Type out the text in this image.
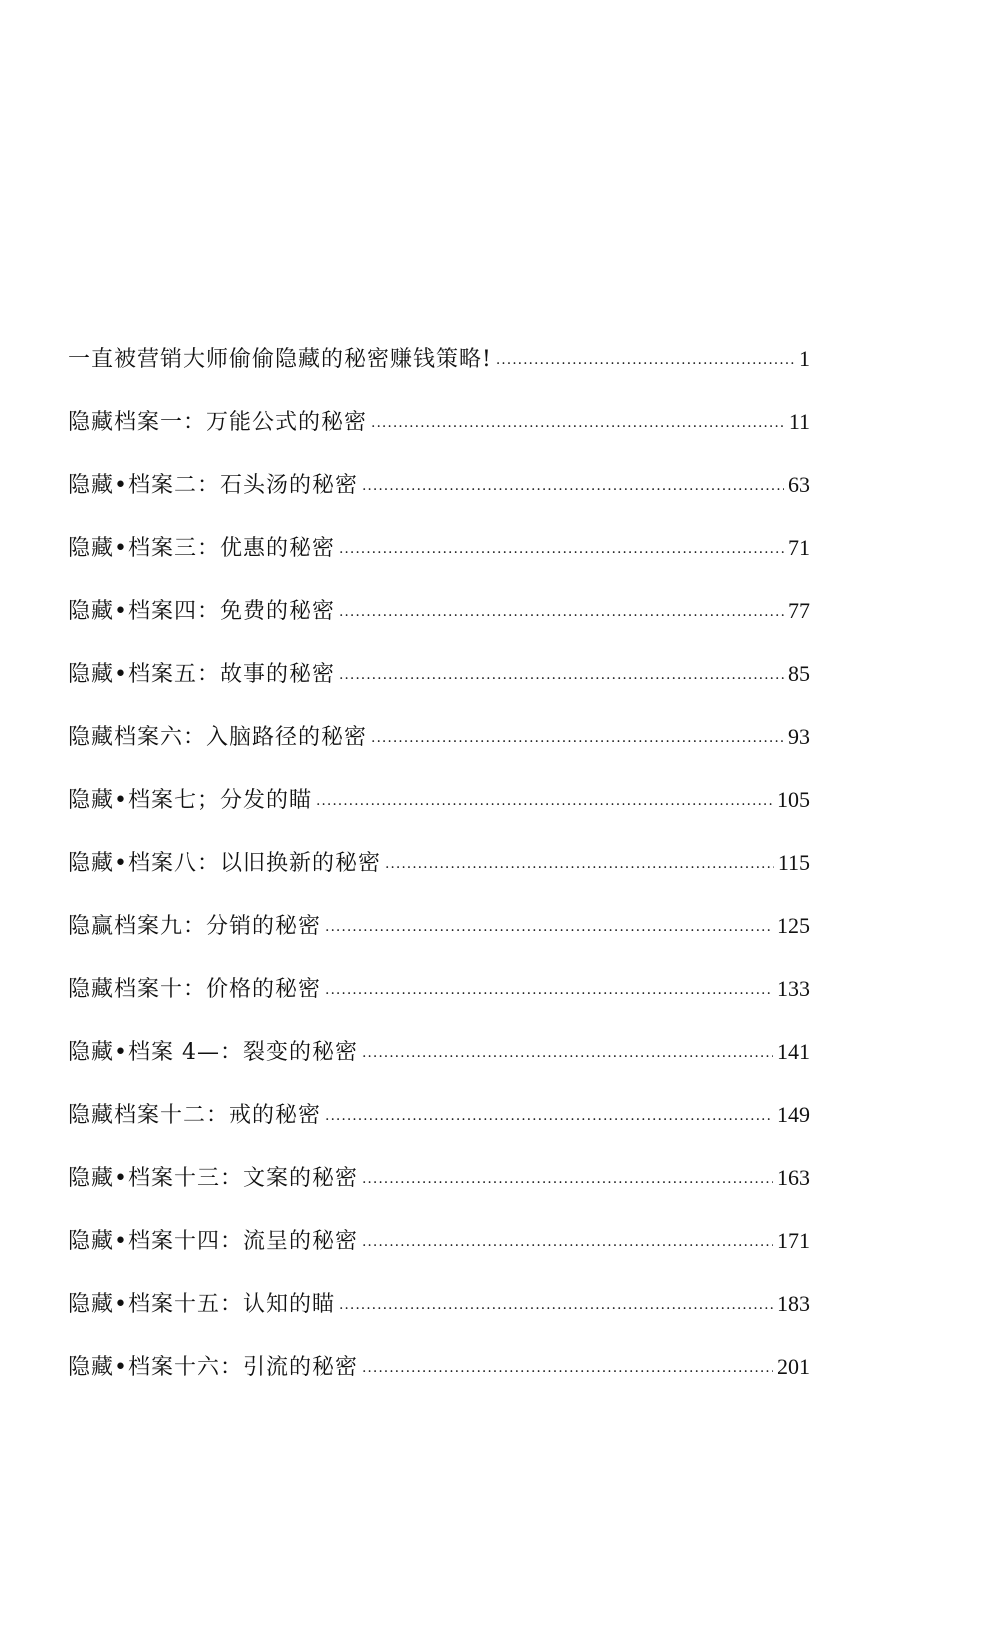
一直被营销大师偷偷隐藏的秘密赚钱策略! .....	1
隐藏档案一：万能公式的秘密 .....	11
隐藏•档案二：石头汤的秘密 .....	63
隐藏•档案三：优惠的秘密 .....	71
隐藏•档案四：免费的秘密 .....	77
隐藏•档案五：故事的秘密 .....	85
隐藏档案六：入脑路径的秘密 .....	93
隐藏•档案七；分发的瞄 .....	105
隐藏•档案八：以旧换新的秘密 .....	115
隐赢档案九：分销的秘密 .....	125
隐藏档案十：价格的秘密 .....	133
隐藏•档案 4—：裂变的秘密 .....	141
隐藏档案十二：戒的秘密 .....	149
隐藏•档案十三：文案的秘密 .....	163
隐藏•档案十四：流呈的秘密 .....	171
隐藏•档案十五：认知的瞄 .....	183
隐藏•档案十六：引流的秘密 .....	201
